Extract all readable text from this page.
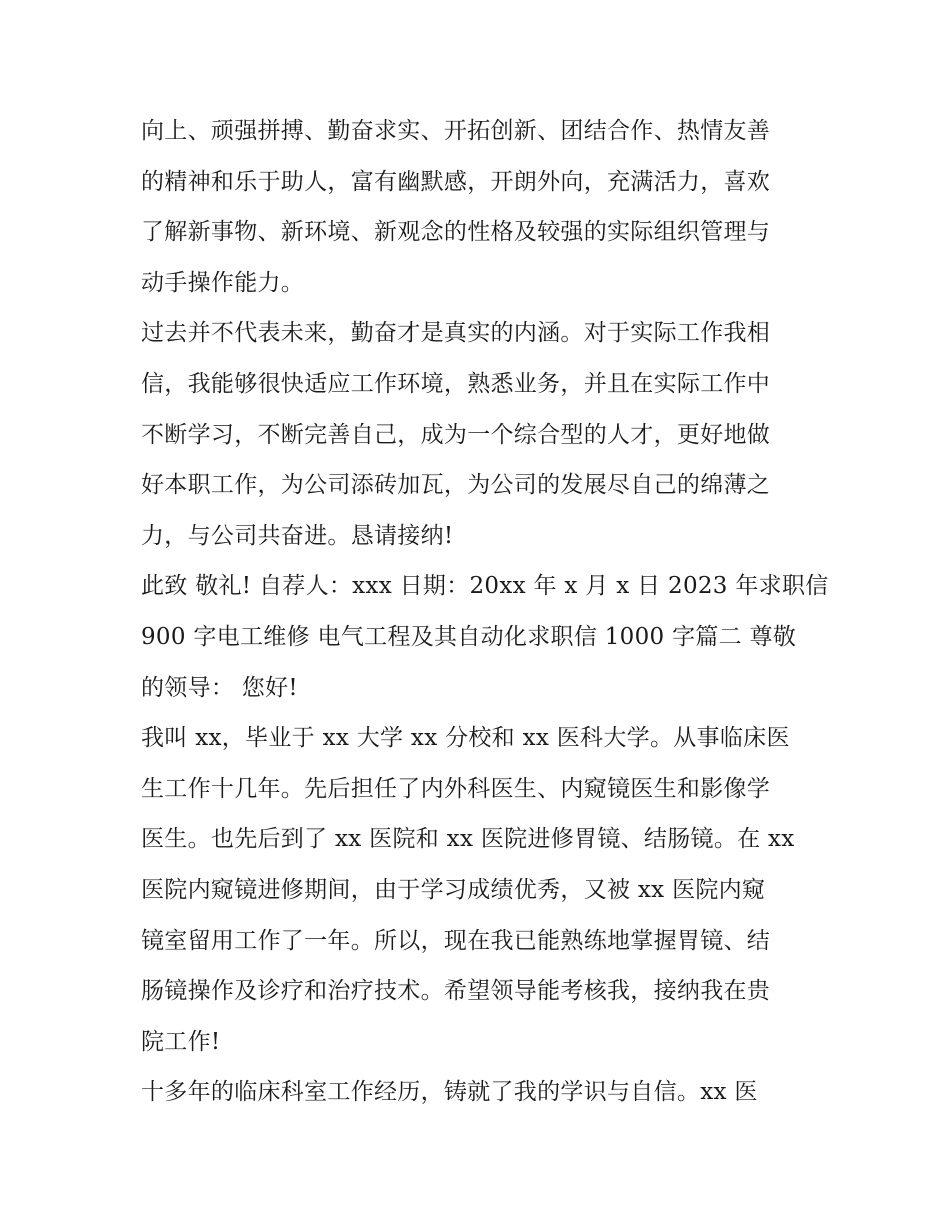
向上、顽强拼搏、勤奋求实、开拓创新、团结合作、热情友善
的精神和乐于助人，富有幽默感，开朗外向，充满活力，喜欢
了解新事物、新环境、新观念的性格及较强的实际组织管理与
动手操作能力。
过去并不代表未来，勤奋才是真实的内涵。对于实际工作我相
信，我能够很快适应工作环境，熟悉业务，并且在实际工作中
不断学习，不断完善自己，成为一个综合型的人才，更好地做
好本职工作，为公司添砖加瓦，为公司的发展尽自己的绵薄之
力，与公司共奋进。恳请接纳!
此致 敬礼! 自荐人：xxx 日期：20xx 年 x 月 x 日 2023 年求职信
900 字电工维修 电气工程及其自动化求职信 1000 字篇二 尊敬
的领导： 您好!
我叫 xx，毕业于 xx 大学 xx 分校和 xx 医科大学。从事临床医
生工作十几年。先后担任了内外科医生、内窥镜医生和影像学
医生。也先后到了 xx 医院和 xx 医院进修胃镜、结肠镜。在 xx
医院内窥镜进修期间，由于学习成绩优秀，又被 xx 医院内窥
镜室留用工作了一年。所以，现在我已能熟练地掌握胃镜、结
肠镜操作及诊疗和治疗技术。希望领导能考核我，接纳我在贵
院工作!
十多年的临床科室工作经历，铸就了我的学识与自信。xx 医
